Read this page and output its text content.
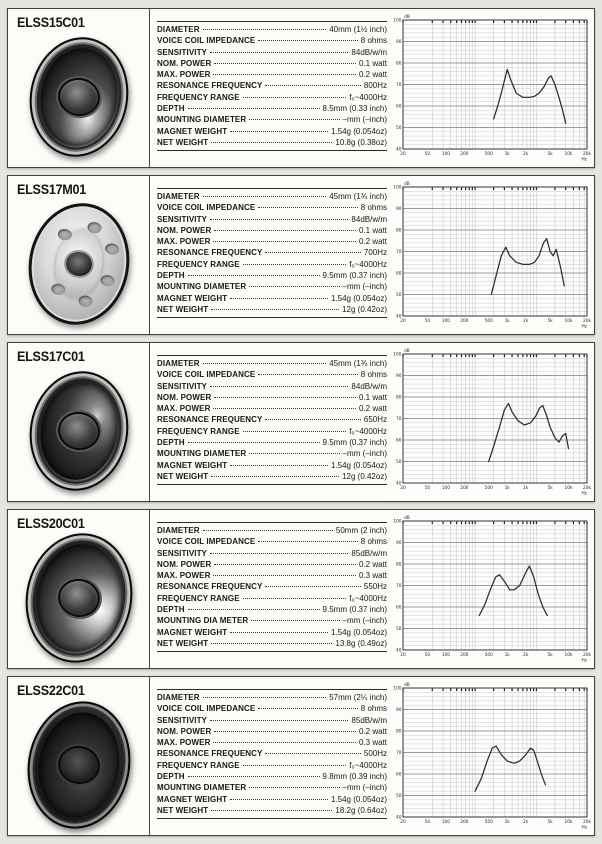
ELSS15C01	DIAMETER	40mm (1½ inch)
VOICE COIL IMPEDANCE	8 ohms
SENSITIVITY	84dB/w/m
NOM. POWER	0.1 watt
MAX. POWER	0.2 watt
RESONANCE FREQUENCY	800Hz
FREQUENCY RANGE	f₀~4000Hz
DEPTH	8.5mm (0.33 inch)
MOUNTING DIAMETER	–mm (–inch)
MAGNET WEIGHT	1.54g (0.054oz)
NET WEIGHT	10.8g (0.38oz)
100
90
80
70
60
50
40
20	50	100 200	500	1k	2k	5k	10k 20k
Hz
dB
ELSS17M01	DIAMETER	45mm (1¾ inch)
VOICE COIL IMPEDANCE	8 ohms
SENSITIVITY	84dB/w/m
NOM. POWER	0.1 watt
MAX. POWER	0.2 watt
RESONANCE FREQUENCY	700Hz
FREQUENCY RANGE	f₀~4000Hz
DEPTH	9.5mm (0.37 inch)
MOUNTING DIAMETER	–mm (–inch)
MAGNET WEIGHT	1.54g (0.054oz)
NET WEIGHT	12g (0.42oz)
100
90
80
70
60
50
40
20	50	100 200	500	1k	2k	5k	10k 20k
Hz
dB
ELSS17C01	DIAMETER	45mm (1¾ inch)
VOICE COIL IMPEDANCE	8 ohms
SENSITIVITY	84dB/w/m
NOM. POWER	0.1 watt
MAX. POWER	0.2 watt
RESONANCE FREQUENCY	650Hz
FREQUENCY RANGE	f₀~4000Hz
DEPTH	9.5mm (0.37 inch)
MOUNTING DIAMETER	–mm (–inch)
MAGNET WEIGHT	1.54g (0.054oz)
NET WEIGHT	12g (0.42oz)
100
90
80
70
60
50
40
20	50	100 200	500	1k	2k	5k	10k 20k
Hz
dB
ELSS20C01	DIAMETER	50mm (2 inch)
VOICE COIL IMPEDANCE	8 ohms
SENSITIVITY	85dB/w/m
NOM. POWER	0.2 watt
MAX. POWER	0.3 watt
RESONANCE FREQUENCY	550Hz
FREQUENCY RANGE	f₀~4000Hz
DEPTH	9.5mm (0.37 inch)
MOUNTING DIA METER	–mm (–inch)
MAGNET WEIGHT	1.54g (0.054oz)
NET WEIGHT	13.8g (0.49oz)
100
90
80
70
60
50
40
20	50	100 200	500	1k	2k	5k	10k 20k
Hz
dB
ELSS22C01	DIAMETER	57mm (2¼ inch)
VOICE COIL IMPEDANCE	8 ohms
SENSITIVITY	85dB/w/m
NOM. POWER	0.2 watt
MAX. POWER	0.3 watt
RESONANCE FREQUENCY	500Hz
FREQUENCY RANGE	f₀~4000Hz
DEPTH	9.8mm (0.39 inch)
MOUNTING DIAMETER	–mm (–inch)
MAGNET WEIGHT	1.54g (0.054oz)
NET WEIGHT	18.2g (0.64oz)
100
90
80
70
60
50
40
20	50	100 200	500	1k	2k	5k	10k 20k
Hz
dB
